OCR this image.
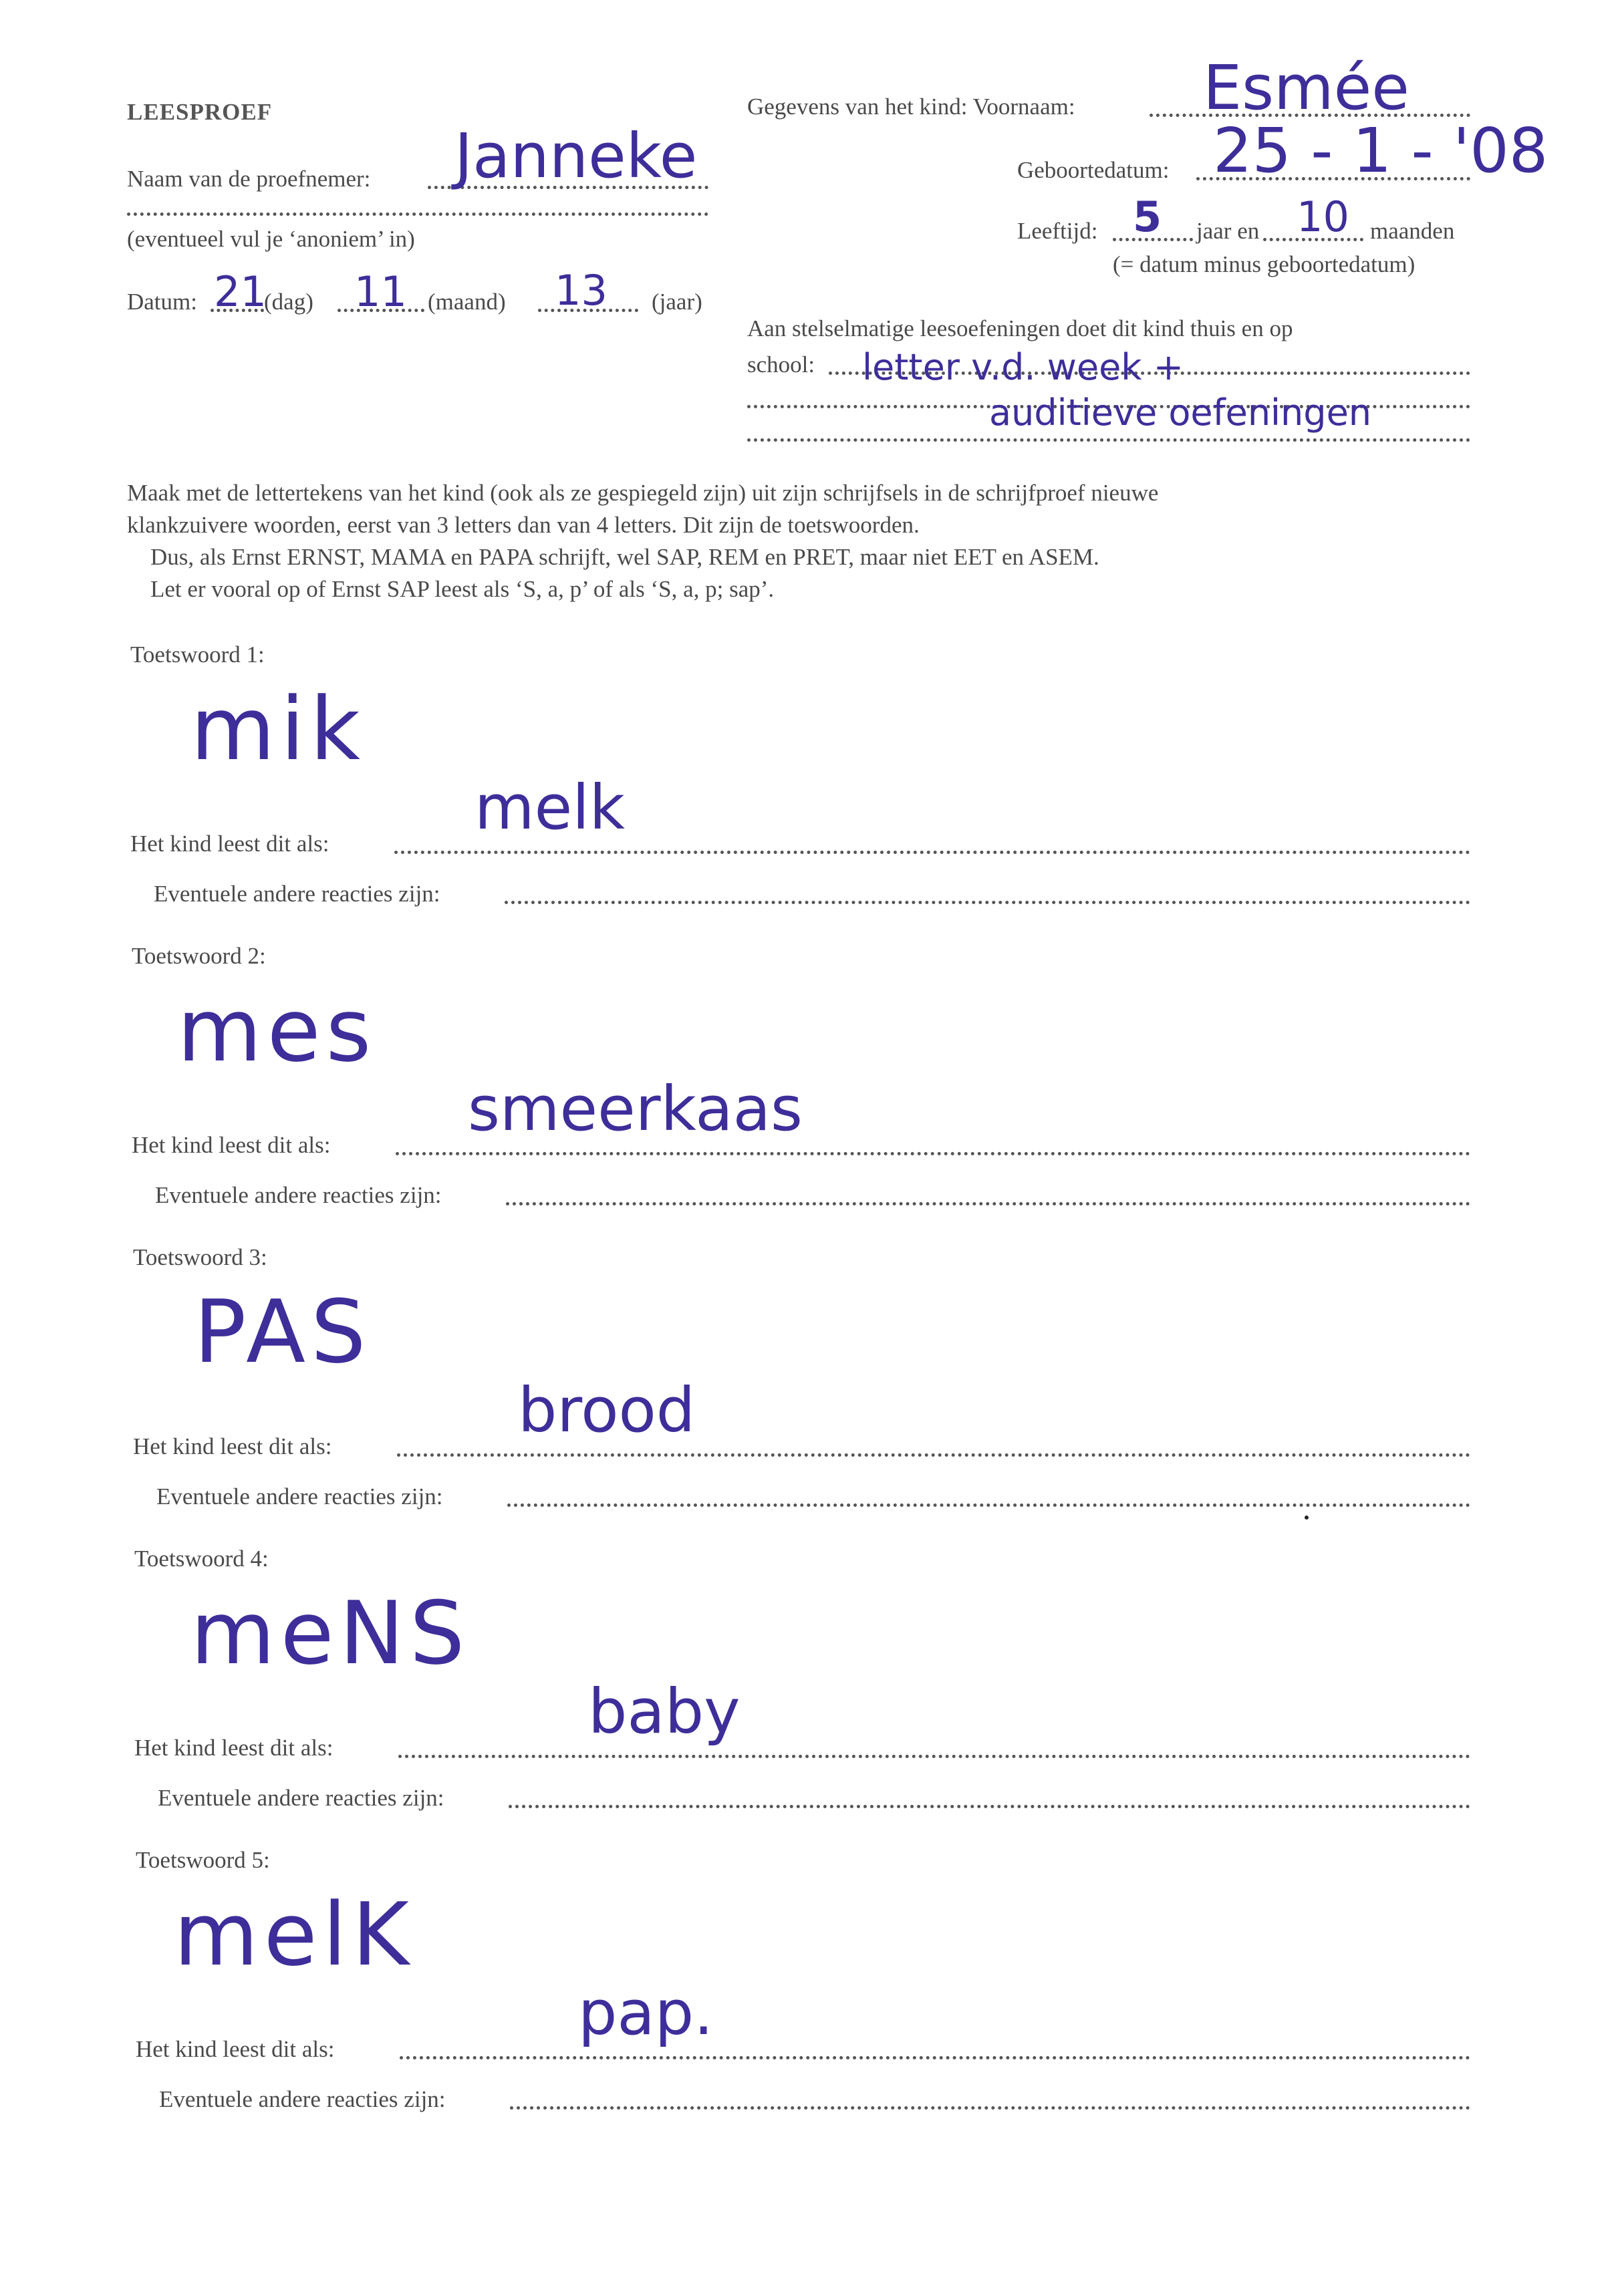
LEESPROEF
Naam van de proefnemer: Janneke
(eventueel vul je ‘anoniem’ in)
Datum: 21
(dag) 11 (maand) 13 (jaar)
Gegevens van het kind: Voornaam: Esmée
Geboortedatum: 25 - 1 - '08
Leeftijd: 5 jaar en 10 maanden
(= datum minus geboortedatum)
Aan stelselmatige leesoefeningen doet dit kind thuis en op
school: letter v.d. week +
auditieve oefeningen
Maak met de lettertekens van het kind (ook als ze gespiegeld zijn) uit zijn schrijfsels in de schrijfproef nieuwe
klankzuivere woorden, eerst van 3 letters dan van 4 letters. Dit zijn de toetswoorden.
Dus, als Ernst ERNST, MAMA en PAPA schrijft, wel SAP, REM en PRET, maar niet EET en ASEM.
Let er vooral op of Ernst SAP leest als ‘S, a, p’ of als ‘S, a, p; sap’.
Toetswoord 1:
mik
Het kind leest dit als:
melk
Eventuele andere reacties zijn:
Toetswoord 2:
mes
Het kind leest dit als:
smeerkaas
Eventuele andere reacties zijn:
Toetswoord 3:
PAS
Het kind leest dit als:
brood
Eventuele andere reacties zijn:
Toetswoord 4:
meNS
Het kind leest dit als:
baby
Eventuele andere reacties zijn:
Toetswoord 5:
melK
Het kind leest dit als:
pap.
Eventuele andere reacties zijn:
